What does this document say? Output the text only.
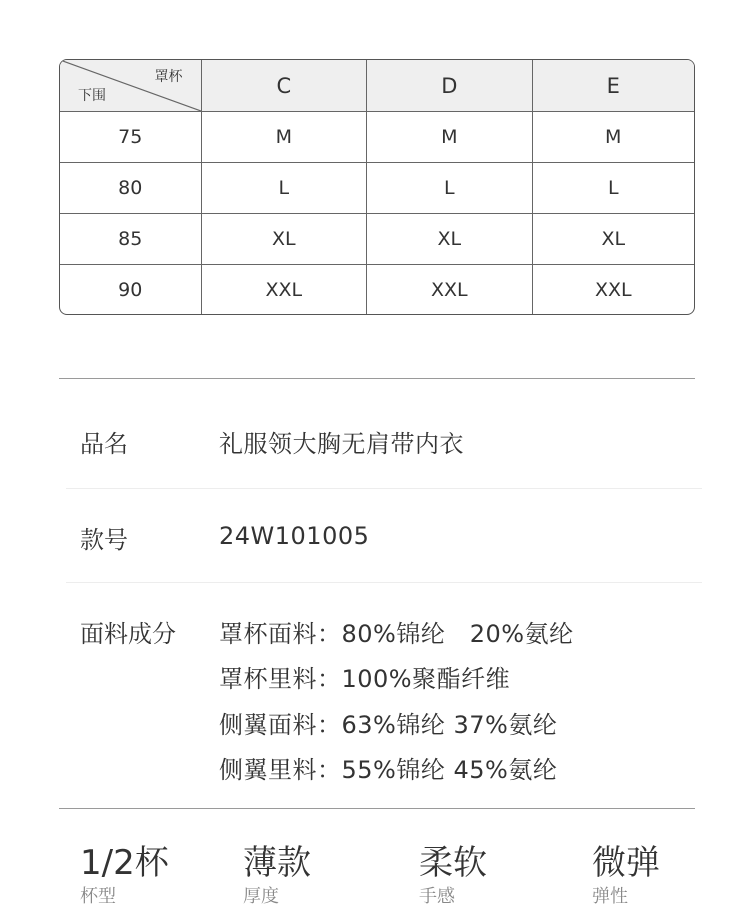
罩杯
下围	C	D	E
75	M	M	M
80	L	L	L
85	XL	XL	XL
90	XXL	XXL	XXL
品名	礼服领大胸无肩带内衣
款号	24W101005
面料成分 罩杯面料：80%锦纶   20%氨纶
罩杯里料：100%聚酯纤维
侧翼面料：63%锦纶 37%氨纶
侧翼里料：55%锦纶 45%氨纶
1/2杯
杯型
薄款
厚度
柔软
手感
微弹
弹性
